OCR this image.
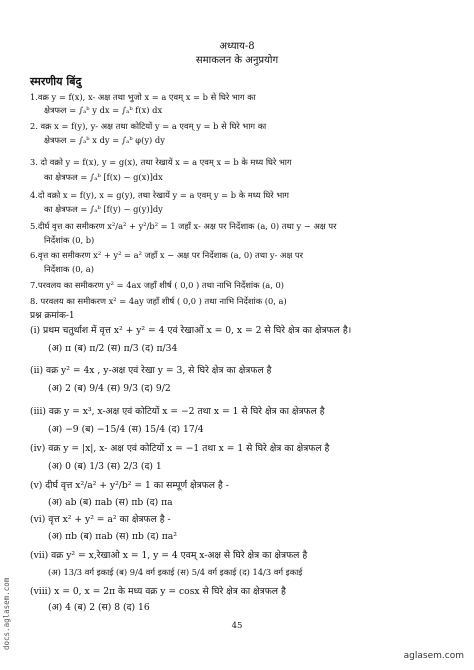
अध्याय-8
समाकलन के अनुप्रयोग
स्मरणीय बिंदु
1.वक्र y = f(x), x- अक्ष तथा भुजो x = a एवम् x = b से घिरे भाग का
क्षेत्रफल = ∫ₐᵇ y dx = ∫ₐᵇ f(x) dx
2. वक्र x = f(y), y- अक्ष तथा कोटियों y = a एवम् y = b से घिरे भाग का
क्षेत्रफल = ∫ₐᵇ x dy = ∫ₐᵇ φ(y) dy
3. दो वक्रो y = f(x), y = g(x), तथा रेखायें x = a एवम् x = b के मध्य घिरे भाग
का क्षेत्रफल = ∫ₐᵇ [f(x) − g(x)]dx
4.दो वक्रो x = f(y), x = g(y), तथा रेखायें y = a एवम् y = b के मध्य घिरे भाग
का क्षेत्रफल = ∫ₐᵇ [f(y) − g(y)]dy
5.दीर्घ वृत्त का समीकरण x²/a² + y²/b² = 1 जहाँ x- अक्ष पर निर्देशाक (a, 0) तथा y − अक्ष पर
निर्देशांक (0, b)
6.वृत्त का समीकरण x² + y² = a² जहाँ x − अक्ष पर निर्देशाक (a, 0) तथा y- अक्ष पर
निर्देशाक (0, a)
7.परवलय का समीकरण y² = 4ax जहाँ शीर्ष ( 0,0 ) तथा नाभि निर्देशांक (a, 0)
8. परवलय का समीकरण x² = 4ay जहाँ शीर्ष ( 0,0 ) तथा नाभि निर्देशांक (0, a)
प्रश्न क्रमांक-1
(i) प्रथम चतुर्थाश में वृत्त x² + y² = 4 एवं रेखाओं x = 0, x = 2 से घिरे क्षेत्र का क्षेत्रफल है।
(अ) π (ब) π/2 (स) π/3 (द) π/34
(ii) वक्र y² = 4x , y-अक्ष एवं रेखा y = 3, से घिरे क्षेत्र का क्षेत्रफल है
(अ) 2 (ब) 9/4 (स) 9/3 (द) 9/2
(iii) वक्र y = x³, x-अक्ष एवं कोटियों x = −2 तथा x = 1 से घिरे क्षेत्र का क्षेत्रफल है
(अ) −9 (ब) −15/4 (स) 15/4 (द) 17/4
(iv) वक्र y = |x|, x- अक्ष एवं कोटियों x = −1 तथा x = 1 से घिरे क्षेत्र का क्षेत्रफल है
(अ) 0 (ब) 1/3 (स) 2/3 (द) 1
(v) दीर्घ वृत्त x²/a² + y²/b² = 1 का सम्पूर्ण क्षेत्रफल है -
(अ) ab (ब) πab (स) πb (द) πa
(vi) वृत्त x² + y² = a² का क्षेत्रफल है -
(अ) πb (ब) πab (स) πb (द) πa²
(vii) वक्र y² = x,रेखाओ x = 1, y = 4 एवम् x-अक्ष से घिरे क्षेत्र का क्षेत्रफल है
(अ) 13/3 वर्ग इकाई (ब) 9/4 वर्ग इकाई (स) 5/4 वर्ग इकाई (द) 14/3 वर्ग इकाई
(viii) x = 0, x = 2π के मध्य वक्र y = cosx से घिरे क्षेत्र का क्षेत्रफल है
(अ) 4 (ब) 2 (स) 8 (द) 16
docs.aglasem.com	45
aglasem.com
